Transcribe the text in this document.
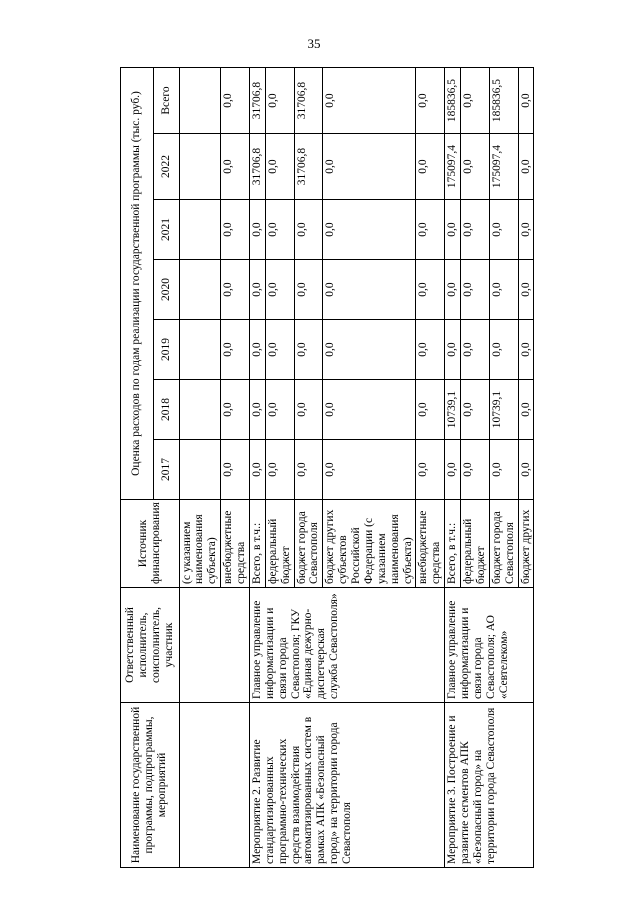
35
Наименование государственной программы, подпрограммы, мероприятий	Ответственный исполнитель, соисполнитель, участник	Источник финансирования	Оценка расходов по годам реализации государственной программы (тыс. руб.)						
			2017	2018	2019	2020	2021	2022	Всего
		(с указанием наименования субъекта)							
		внебюджетные средства	0,0	0,0	0,0	0,0	0,0	0,0	0,0
Мероприятие 2. Развитие стандартизированных программно-технических средств взаимодействия автоматизированных систем в рамках АПК «Безопасный город» на территории города Севастополя	Главное управление информатизации и связи города Севастополя; ГКУ «Единая дежурно-диспетчерская служба Севастополя»	Всего, в т.ч.:	0,0	0,0	0,0	0,0	0,0	31706,8	31706,8
		федеральный бюджет	0,0	0,0	0,0	0,0	0,0	0,0	0,0
		бюджет города Севастополя	0,0	0,0	0,0	0,0	0,0	31706,8	31706,8
		бюджет других субъектов Российской Федерации (с указанием наименования субъекта)	0,0	0,0	0,0	0,0	0,0	0,0	0,0
		внебюджетные средства	0,0	0,0	0,0	0,0	0,0	0,0	0,0
Мероприятие 3. Построение и развитие сегментов АПК «Безопасный город» на территории города Севастополя	Главное управление информатизации и связи города Севастополя; АО «Севтелеком»	Всего, в т.ч.:	0,0	10739,1	0,0	0,0	0,0	175097,4	185836,5
		федеральный бюджет	0,0	0,0	0,0	0,0	0,0	0,0	0,0
		бюджет города Севастополя	0,0	10739,1	0,0	0,0	0,0	175097,4	185836,5
		бюджет других	0,0	0,0	0,0	0,0	0,0	0,0	0,0
